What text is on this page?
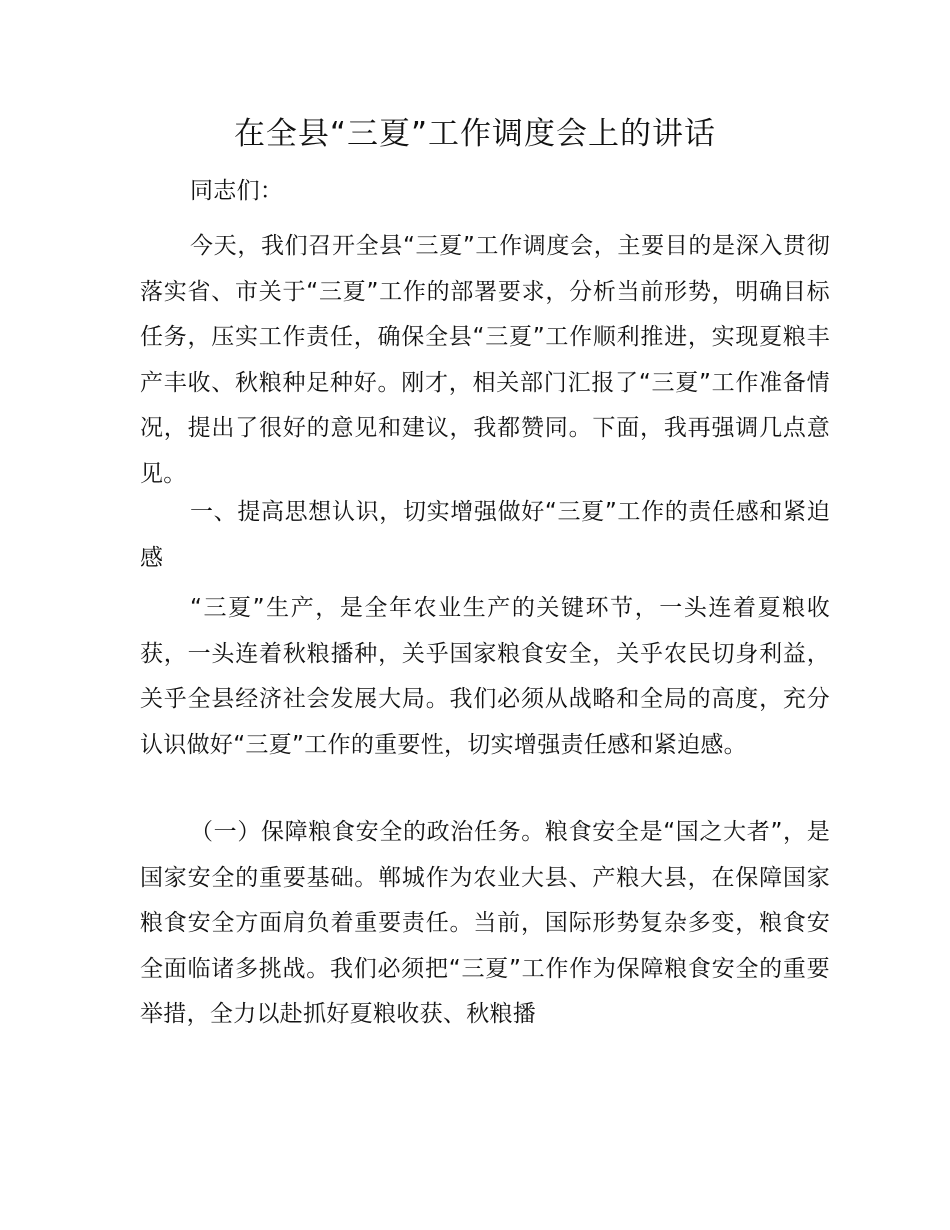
在全县“三夏”工作调度会上的讲话

同志们：

今天，我们召开全县“三夏”工作调度会，主要目的是深入贯彻落实省、市关于“三夏”工作的部署要求，分析当前形势，明确目标任务，压实工作责任，确保全县“三夏”工作顺利推进，实现夏粮丰产丰收、秋粮种足种好。刚才，相关部门汇报了“三夏”工作准备情况，提出了很好的意见和建议，我都赞同。下面，我再强调几点意见。

一、提高思想认识，切实增强做好“三夏”工作的责任感和紧迫感

“三夏”生产，是全年农业生产的关键环节，一头连着夏粮收获，一头连着秋粮播种，关乎国家粮食安全，关乎农民切身利益，关乎全县经济社会发展大局。我们必须从战略和全局的高度，充分认识做好“三夏”工作的重要性，切实增强责任感和紧迫感。

（一）保障粮食安全的政治任务。粮食安全是“国之大者”，是国家安全的重要基础。郸城作为农业大县、产粮大县，在保障国家粮食安全方面肩负着重要责任。当前，国际形势复杂多变，粮食安全面临诸多挑战。我们必须把“三夏”工作作为保障粮食安全的重要举措，全力以赴抓好夏粮收获、秋粮播
